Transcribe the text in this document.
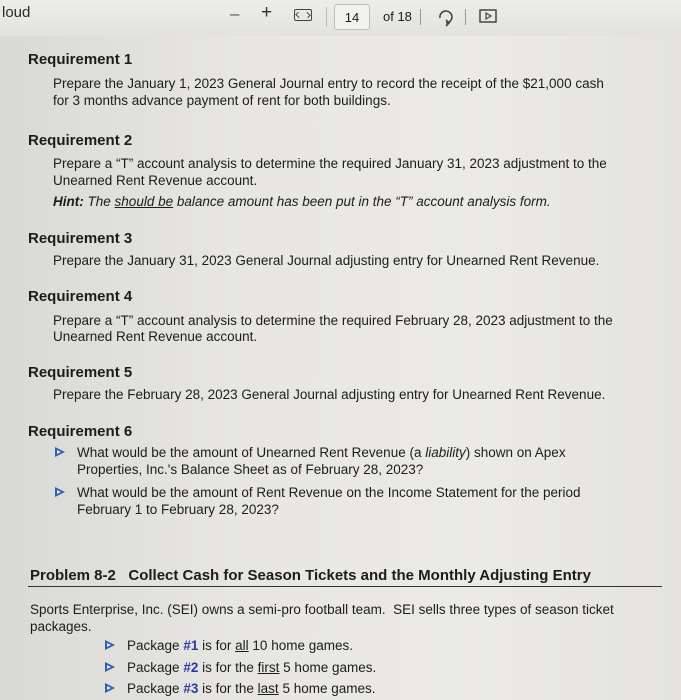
loud	– +	14	of 18
Requirement 1
Prepare the January 1, 2023 General Journal entry to record the receipt of the $21,000 cash
for 3 months advance payment of rent for both buildings.
Requirement 2
Prepare a “T” account analysis to determine the required January 31, 2023 adjustment to the
Unearned Rent Revenue account.
Hint: The should be balance amount has been put in the “T” account analysis form.
Requirement 3
Prepare the January 31, 2023 General Journal adjusting entry for Unearned Rent Revenue.
Requirement 4
Prepare a “T” account analysis to determine the required February 28, 2023 adjustment to the
Unearned Rent Revenue account.
Requirement 5
Prepare the February 28, 2023 General Journal adjusting entry for Unearned Rent Revenue.
Requirement 6
What would be the amount of Unearned Rent Revenue (a liability) shown on Apex
Properties, Inc.'s Balance Sheet as of February 28, 2023?
What would be the amount of Rent Revenue on the Income Statement for the period
February 1 to February 28, 2023?
Problem 8-2   Collect Cash for Season Tickets and the Monthly Adjusting Entry
Sports Enterprise, Inc. (SEI) owns a semi-pro football team.  SEI sells three types of season ticket
packages.
Package #1 is for all 10 home games.
Package #2 is for the first 5 home games.
Package #3 is for the last 5 home games.
